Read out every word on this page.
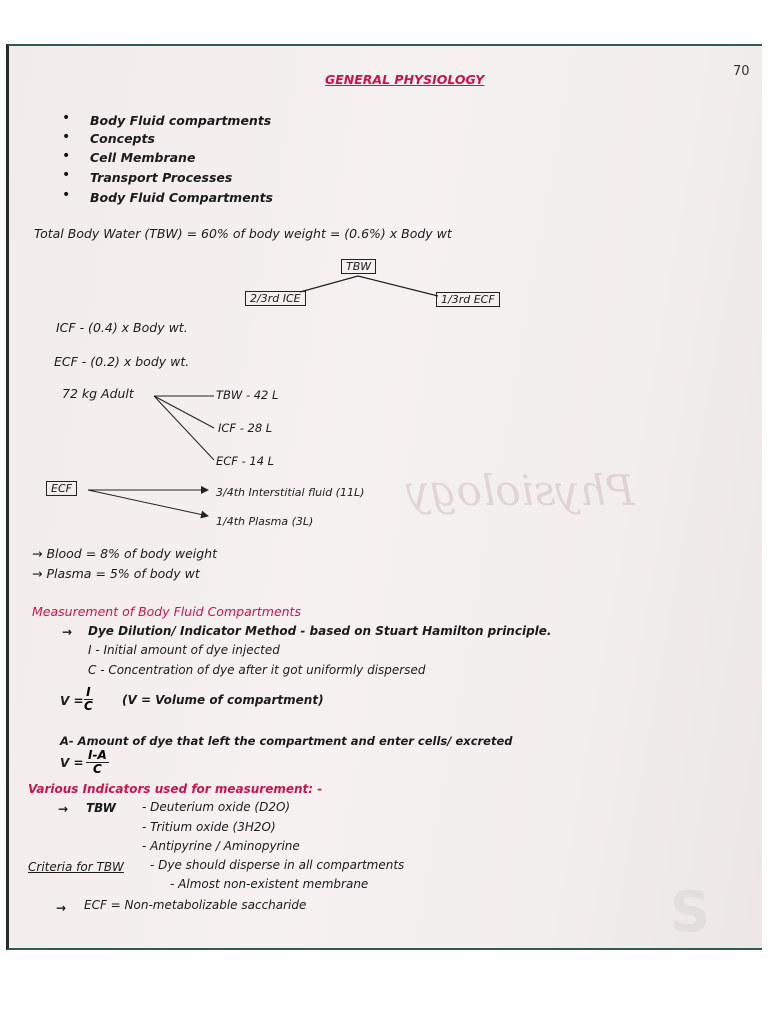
Physiology
S
70
GENERAL PHYSIOLOGY
• Body Fluid compartments
• Concepts
• Cell Membrane
• Transport Processes
• Body Fluid Compartments
Total Body Water (TBW) = 60% of body weight = (0.6%) x Body wt
TBW
2/3rd ICE	1/3rd ECF
ICF - (0.4) x Body wt.
ECF - (0.2) x body wt.
72 kg Adult	TBW - 42 L
ICF - 28 L
ECF - 14 L
ECF	3/4th Interstitial fluid (11L)
1/4th Plasma (3L)
→ Blood = 8% of body weight
→ Plasma = 5% of body wt
Measurement of Body Fluid Compartments
→ Dye Dilution/ Indicator Method - based on Stuart Hamilton principle.
I - Initial amount of dye injected
C - Concentration of dye after it got uniformly dispersed
$V = \frac{I}{C} (V$ = Volume of compartment)
A- Amount of dye that left the compartment and enter cells/ excreted
$V = \frac{I-A}{C}$
Various Indicators used for measurement: -
→ TBW - Deuterium oxide (D2O)
- Tritium oxide (3H2O)
- Antipyrine / Aminopyrine
Criteria for TBW - Dye should disperse in all compartments
- Almost non-existent membrane
→ ECF = Non-metabolizable saccharide
